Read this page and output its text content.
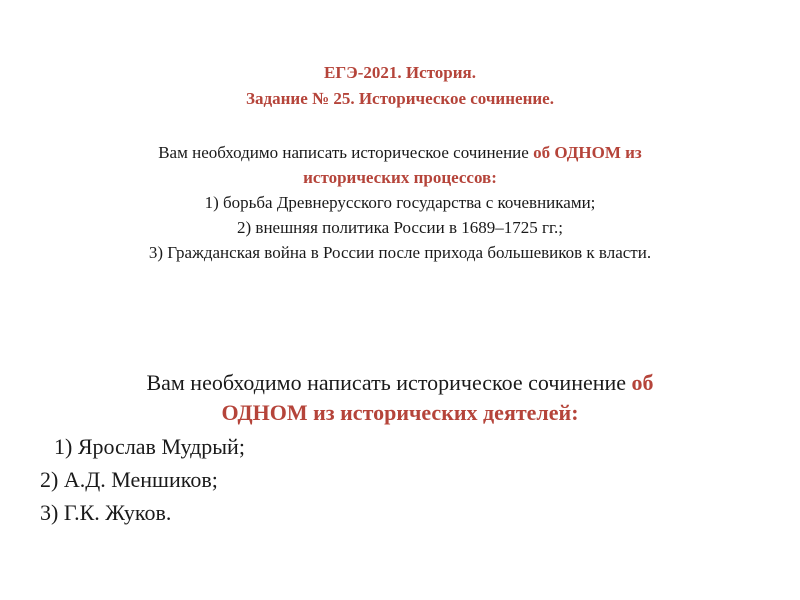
ЕГЭ-2021. История.
Задание № 25. Историческое сочинение.
Вам необходимо написать историческое сочинение об ОДНОМ из
исторических процессов:
1) борьба Древнерусского государства с кочевниками;
2) внешняя политика России в 1689–1725 гг.;
3) Гражданская война в России после прихода большевиков к власти.
Вам необходимо написать историческое сочинение об
ОДНОМ из исторических деятелей:
1) Ярослав Мудрый;
2) А.Д. Меншиков;
3) Г.К. Жуков.
